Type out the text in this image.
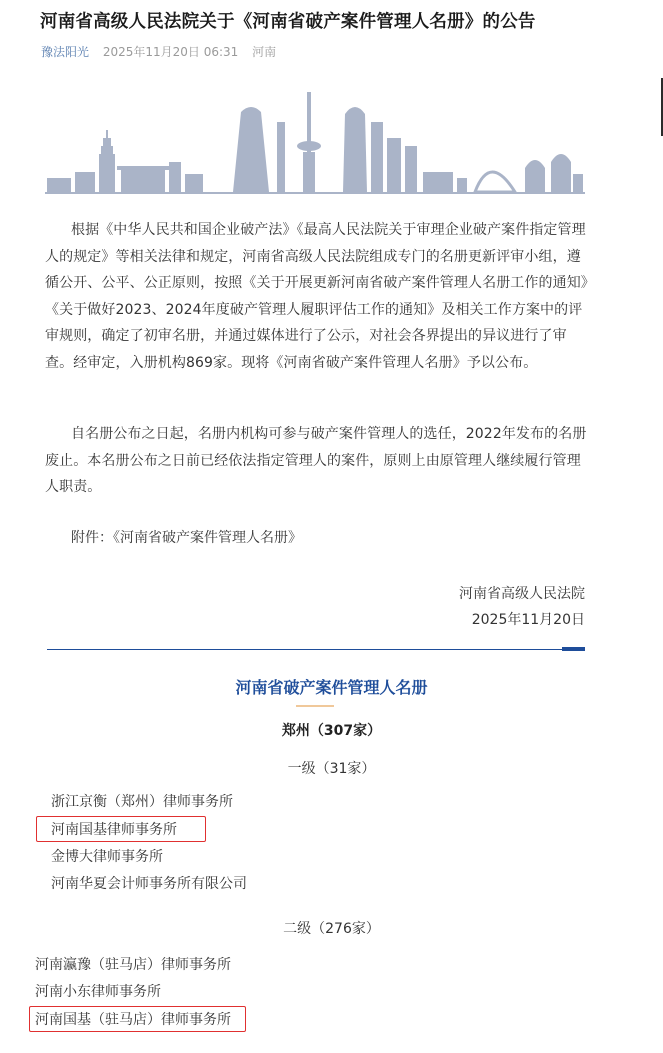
河南省高级人民法院关于《河南省破产案件管理人名册》的公告
豫法阳光 2025年11月20日 06:31 河南

根据《中华人民共和国企业破产法》《最高人民法院关于审理企业破产案件指定管理人的规定》等相关法律和规定，河南省高级人民法院组成专门的名册更新评审小组，遵循公开、公平、公正原则，按照《关于开展更新河南省破产案件管理人名册工作的通知》《关于做好2023、2024年度破产管理人履职评估工作的通知》及相关工作方案中的评审规则，确定了初审名册，并通过媒体进行了公示，对社会各界提出的异议进行了审查。经审定，入册机构869家。现将《河南省破产案件管理人名册》予以公布。

自名册公布之日起，名册内机构可参与破产案件管理人的选任，2022年发布的名册废止。本名册公布之日前已经依法指定管理人的案件，原则上由原管理人继续履行管理人职责。

附件：《河南省破产案件管理人名册》
河南省高级人民法院
2025年11月20日
河南省破产案件管理人名册
郑州（307家）
一级（31家）
浙江京衡（郑州）律师事务所
河南国基律师事务所
金博大律师事务所
河南华夏会计师事务所有限公司
二级（276家）
河南瀛豫（驻马店）律师事务所
河南小东律师事务所
河南国基（驻马店）律师事务所
